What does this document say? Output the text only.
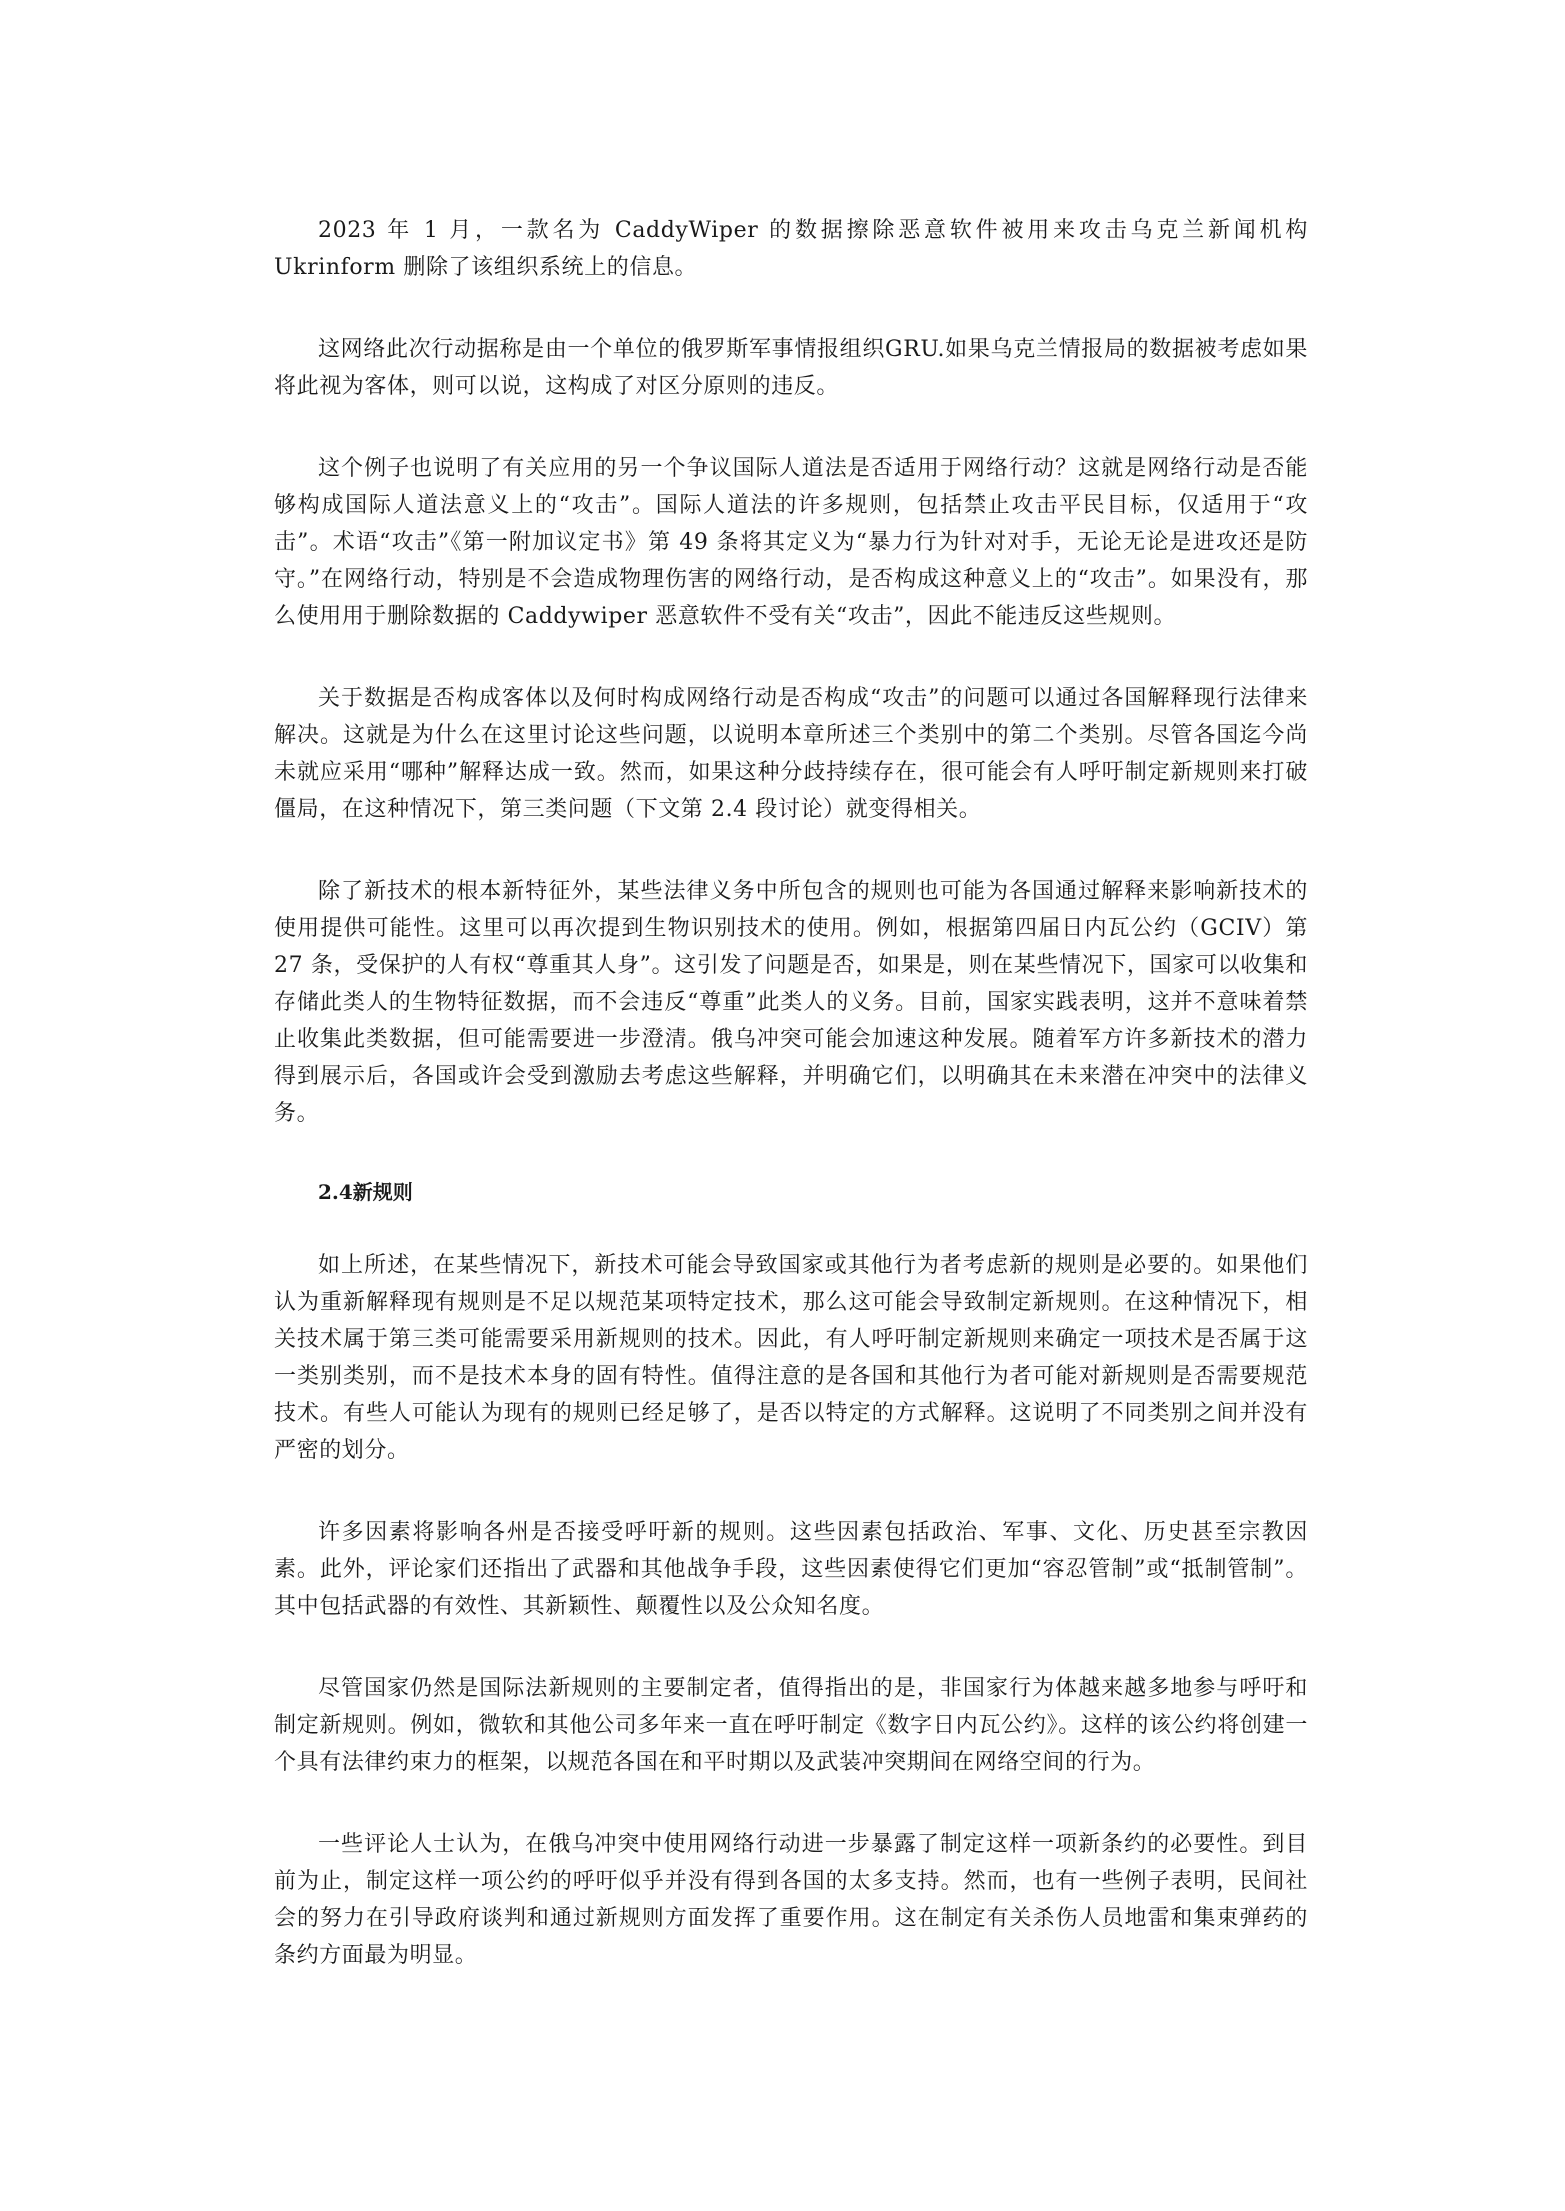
2023 年 1 月，一款名为 CaddyWiper 的数据擦除恶意软件被用来攻击乌克兰新闻机构 Ukrinform 删除了该组织系统上的信息。

这网络此次行动据称是由一个单位的俄罗斯军事情报组织GRU.如果乌克兰情报局的数据被考虑如果将此视为客体，则可以说，这构成了对区分原则的违反。

这个例子也说明了有关应用的另一个争议国际人道法是否适用于网络行动？这就是网络行动是否能够构成国际人道法意义上的“攻击”。国际人道法的许多规则，包括禁止攻击平民目标，仅适用于“攻击”。术语“攻击”《第一附加议定书》第 49 条将其定义为“暴力行为针对对手，无论无论是进攻还是防守。”在网络行动，特别是不会造成物理伤害的网络行动，是否构成这种意义上的“攻击”。如果没有，那么使用用于删除数据的 Caddywiper 恶意软件不受有关“攻击”，因此不能违反这些规则。

关于数据是否构成客体以及何时构成网络行动是否构成“攻击”的问题可以通过各国解释现行法律来解决。这就是为什么在这里讨论这些问题，以说明本章所述三个类别中的第二个类别。尽管各国迄今尚未就应采用“哪种”解释达成一致。然而，如果这种分歧持续存在，很可能会有人呼吁制定新规则来打破僵局，在这种情况下，第三类问题（下文第 2.4 段讨论）就变得相关。

除了新技术的根本新特征外，某些法律义务中所包含的规则也可能为各国通过解释来影响新技术的使用提供可能性。这里可以再次提到生物识别技术的使用。例如，根据第四届日内瓦公约（GCIV）第 27 条，受保护的人有权“尊重其人身”。这引发了问题是否，如果是，则在某些情况下，国家可以收集和存储此类人的生物特征数据，而不会违反“尊重”此类人的义务。目前，国家实践表明，这并不意味着禁止收集此类数据，但可能需要进一步澄清。俄乌冲突可能会加速这种发展。随着军方许多新技术的潜力得到展示后，各国或许会受到激励去考虑这些解释，并明确它们，以明确其在未来潜在冲突中的法律义务。

2.4新规则

如上所述，在某些情况下，新技术可能会导致国家或其他行为者考虑新的规则是必要的。如果他们认为重新解释现有规则是不足以规范某项特定技术，那么这可能会导致制定新规则。在这种情况下，相关技术属于第三类可能需要采用新规则的技术。因此，有人呼吁制定新规则来确定一项技术是否属于这一类别类别，而不是技术本身的固有特性。值得注意的是各国和其他行为者可能对新规则是否需要规范技术。有些人可能认为现有的规则已经足够了，是否以特定的方式解释。这说明了不同类别之间并没有严密的划分。

许多因素将影响各州是否接受呼吁新的规则。这些因素包括政治、军事、文化、历史甚至宗教因素。此外，评论家们还指出了武器和其他战争手段，这些因素使得它们更加“容忍管制”或“抵制管制”。其中包括武器的有效性、其新颖性、颠覆性以及公众知名度。

尽管国家仍然是国际法新规则的主要制定者，值得指出的是，非国家行为体越来越多地参与呼吁和制定新规则。例如，微软和其他公司多年来一直在呼吁制定《数字日内瓦公约》。这样的该公约将创建一个具有法律约束力的框架，以规范各国在和平时期以及武装冲突期间在网络空间的行为。

一些评论人士认为，在俄乌冲突中使用网络行动进一步暴露了制定这样一项新条约的必要性。到目前为止，制定这样一项公约的呼吁似乎并没有得到各国的太多支持。然而，也有一些例子表明，民间社会的努力在引导政府谈判和通过新规则方面发挥了重要作用。这在制定有关杀伤人员地雷和集束弹药的条约方面最为明显。
